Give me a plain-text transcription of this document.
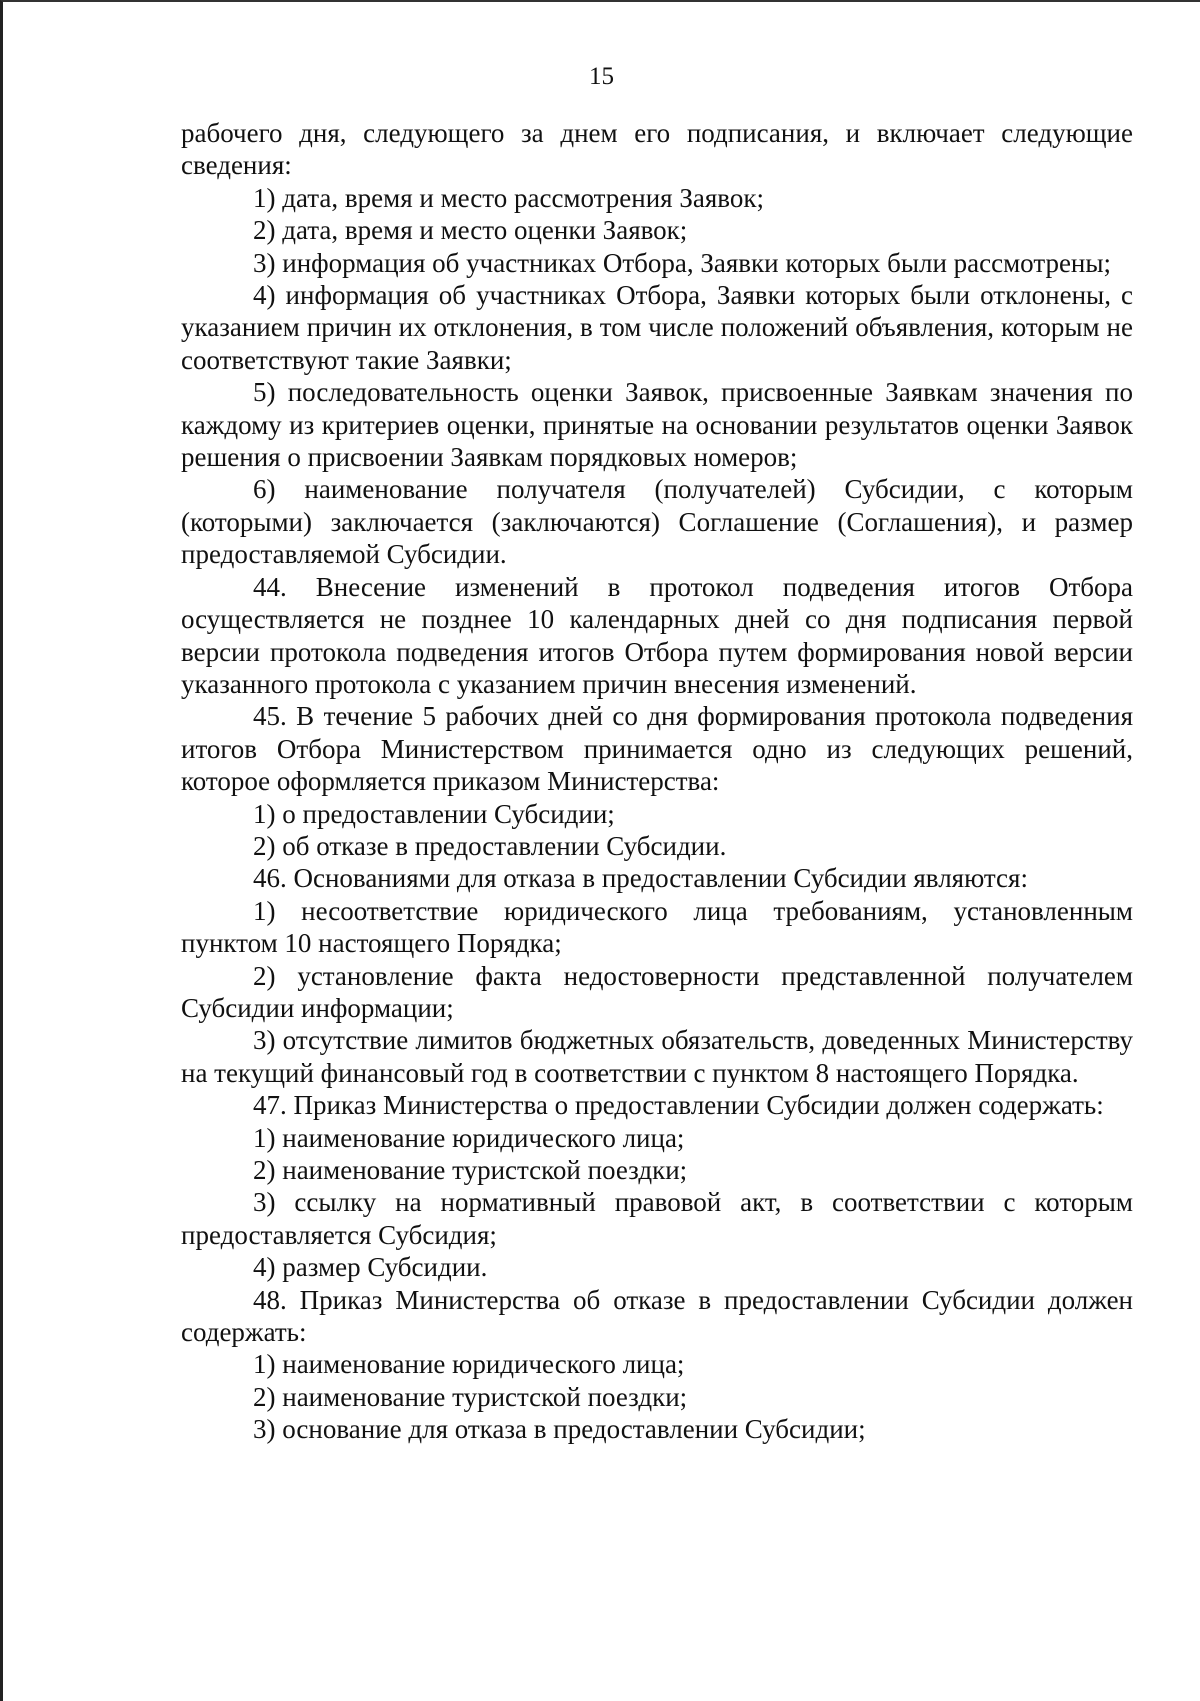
15

рабочего дня, следующего за днем его подписания, и включает следующие сведения:

1) дата, время и место рассмотрения Заявок;

2) дата, время и место оценки Заявок;

3) информация об участниках Отбора, Заявки которых были рассмотрены;

4) информация об участниках Отбора, Заявки которых были отклонены, с указанием причин их отклонения, в том числе положений объявления, которым не соответствуют такие Заявки;

5) последовательность оценки Заявок, присвоенные Заявкам значения по каждому из критериев оценки, принятые на основании результатов оценки Заявок решения о присвоении Заявкам порядковых номеров;

6) наименование получателя (получателей) Субсидии, с которым (которыми) заключается (заключаются) Соглашение (Соглашения), и размер предоставляемой Субсидии.

44. Внесение изменений в протокол подведения итогов Отбора осуществляется не позднее 10 календарных дней со дня подписания первой версии протокола подведения итогов Отбора путем формирования новой версии указанного протокола с указанием причин внесения изменений.

45. В течение 5 рабочих дней со дня формирования протокола подведения итогов Отбора Министерством принимается одно из следующих решений, которое оформляется приказом Министерства:

1) о предоставлении Субсидии;

2) об отказе в предоставлении Субсидии.

46. Основаниями для отказа в предоставлении Субсидии являются:

1) несоответствие юридического лица требованиям, установленным пунктом 10 настоящего Порядка;

2) установление факта недостоверности представленной получателем Субсидии информации;

3) отсутствие лимитов бюджетных обязательств, доведенных Министерству на текущий финансовый год в соответствии с пунктом 8 настоящего Порядка.

47. Приказ Министерства о предоставлении Субсидии должен содержать:

1) наименование юридического лица;

2) наименование туристской поездки;

3) ссылку на нормативный правовой акт, в соответствии с которым предоставляется Субсидия;

4) размер Субсидии.

48. Приказ Министерства об отказе в предоставлении Субсидии должен содержать:

1) наименование юридического лица;

2) наименование туристской поездки;

3) основание для отказа в предоставлении Субсидии;
